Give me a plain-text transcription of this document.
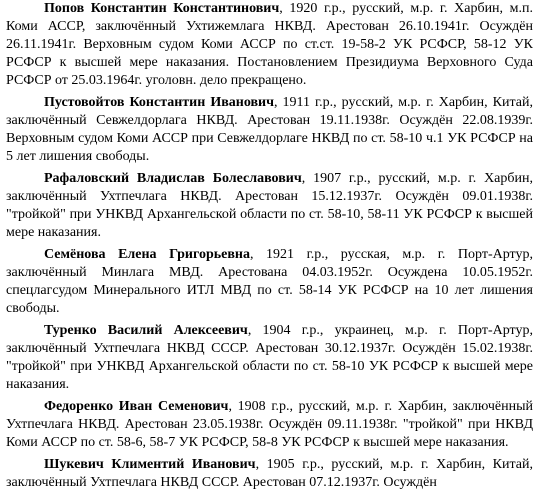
Попов Константин Константинович, 1920 г.р., русский, м.р. г. Харбин, м.п. Коми АССР, заключённый Ухтижемлага НКВД. Арестован 26.10.1941г. Осуждён 26.11.1941г. Верховным судом Коми АССР по ст.ст. 19-58-2 УК РСФСР, 58-12 УК РСФСР к высшей мере наказания. Постановлением Президиума Верховного Суда РСФСР от 25.03.1964г. уголовн. дело прекращено.

Пустовойтов Константин Иванович, 1911 г.р., русский, м.р. г. Харбин, Китай, заключённый Севжелдорлага НКВД. Арестован 19.11.1938г. Осуждён 22.08.1939г. Верховным судом Коми АССР при Севжелдорлаге НКВД по ст. 58-10 ч.1 УК РСФСР на 5 лет лишения свободы.

Рафаловский Владислав Болеславович, 1907 г.р., русский, м.р. г. Харбин, заключённый Ухтпечлага НКВД. Арестован 15.12.1937г. Осуждён 09.01.1938г. "тройкой" при УНКВД Архангельской области по ст. 58-10, 58-11 УК РСФСР к высшей мере наказания.

Семёнова Елена Григорьевна, 1921 г.р., русская, м.р. г. Порт-Артур, заключённый Минлага МВД. Арестована 04.03.1952г. Осуждена 10.05.1952г. спецлагсудом Минерального ИТЛ МВД по ст. 58-14 УК РСФСР на 10 лет лишения свободы.

Туренко Василий Алексеевич, 1904 г.р., украинец, м.р. г. Порт-Артур, заключённый Ухтпечлага НКВД СССР. Арестован 30.12.1937г. Осуждён 15.02.1938г. "тройкой" при УНКВД Архангельской области по ст. 58-10 УК РСФСР к высшей мере наказания.

Федоренко Иван Семенович, 1908 г.р., русский, м.р. г. Харбин, заключённый Ухтпечлага НКВД. Арестован 23.05.1938г. Осуждён 09.11.1938г. "тройкой" при НКВД Коми АССР по ст. 58-6, 58-7 УК РСФСР, 58-8 УК РСФСР к высшей мере наказания.

Шукевич Климентий Иванович, 1905 г.р., русский, м.р. г. Харбин, Китай, заключённый Ухтпечлага НКВД СССР. Арестован 07.12.1937г. Осуждён
